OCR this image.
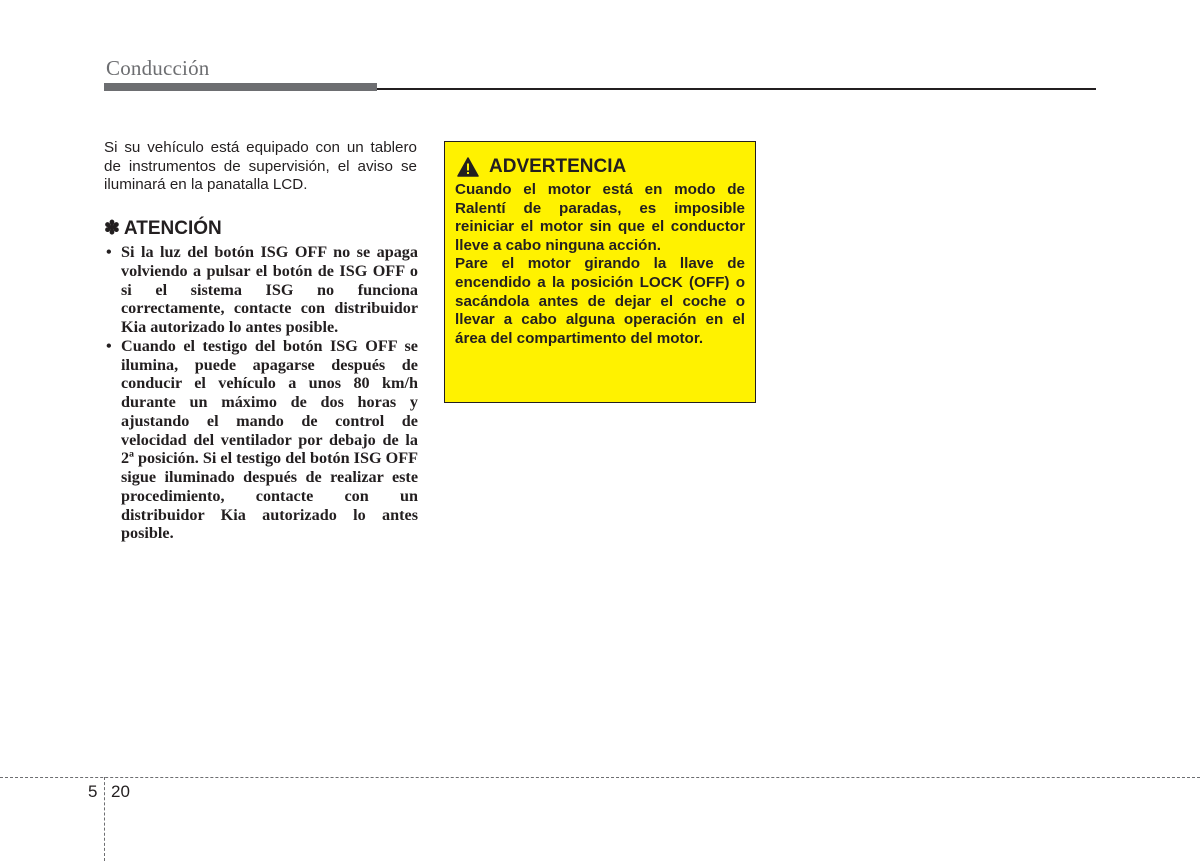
Conducción
Si su vehículo está equipado con un tablero de instrumentos de supervisión, el aviso se iluminará en la panatalla LCD.
✽ ATENCIÓN
• Si la luz del botón ISG OFF no se apaga volviendo a pulsar el botón de ISG OFF o si el sistema ISG no funciona correctamente, contacte con distribuidor Kia autorizado lo antes posible.
• Cuando el testigo del botón ISG OFF se ilumina, puede apagarse después de conducir el vehículo a unos 80 km/h durante un máximo de dos horas y ajustando el mando de control de velocidad del ventilador por debajo de la 2ª posición. Si el testigo del botón ISG OFF sigue iluminado después de realizar este procedimiento, contacte con un distribuidor Kia autorizado lo antes posible.
ADVERTENCIA

Cuando el motor está en modo de Ralentí de paradas, es imposible reiniciar el motor sin que el conductor lleve a cabo ninguna acción.

Pare el motor girando la llave de encendido a la posición LOCK (OFF) o sacándola antes de dejar el coche o llevar a cabo alguna operación en el área del compartimento del motor.

5 20
